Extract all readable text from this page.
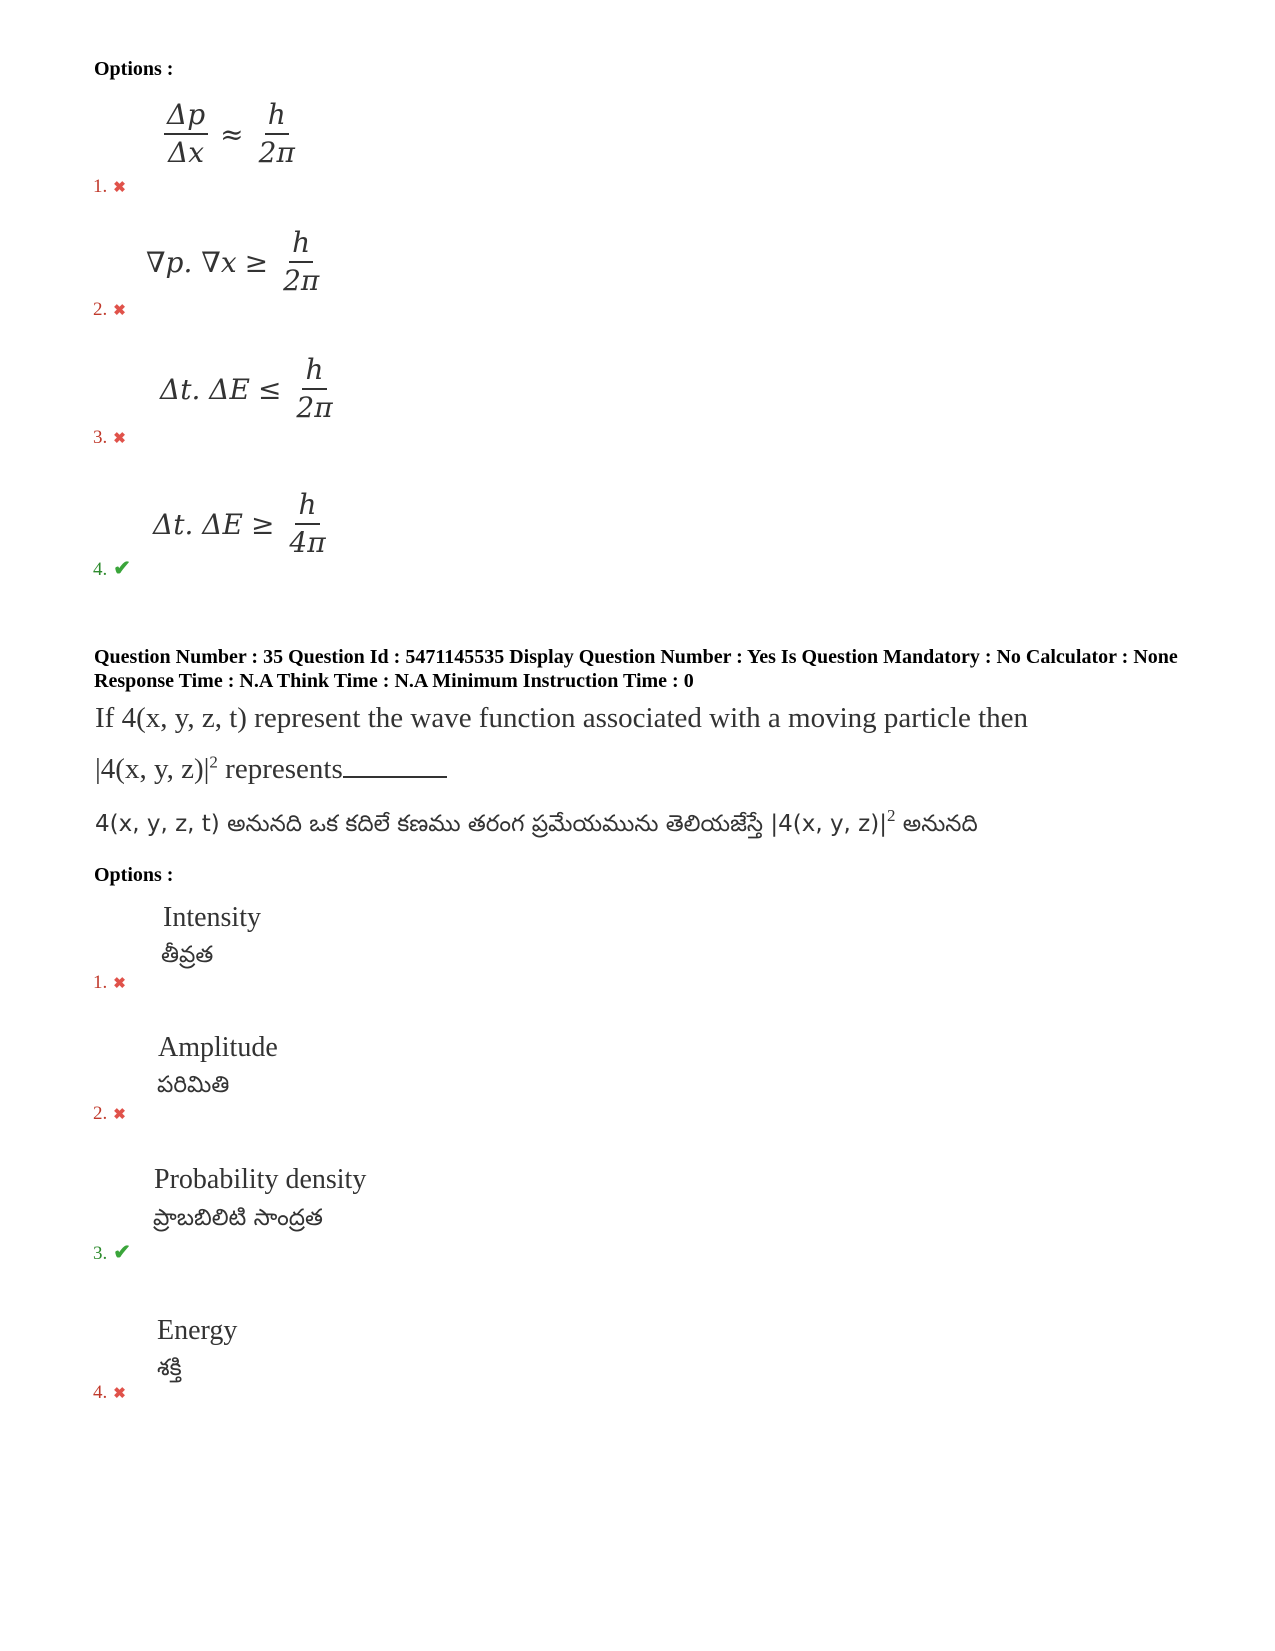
Options :
$\frac{\Delta p}{\Delta x} \approx \frac{h}{2\pi}$
1. ✖
∇p. $\nabla x \ge \frac{h}{2\pi}$
2. ✖
Δt. $\Delta E \le \frac{h}{2\pi}$
3. ✖
Δt. $\Delta E \ge \frac{h}{4\pi}$
4. ✔
Question Number : 35 Question Id : 5471145535 Display Question Number : Yes Is Question Mandatory : No Calculator : None Response Time : N.A Think Time : N.A Minimum Instruction Time : 0
If 4(x, y, z, t) represent the wave function associated with a moving particle then
|4(x, y, $z)|^2$ represents
4(x, y, z, t) అనునది ఒక కదిలే కణము తరంగ ప్రమేయమును తెలియజేస్తే |4(x, y, $z)|^2$ అనునది
Options :
Intensity
తీవ్రత
1. ✖
Amplitude
పరిమితి
2. ✖
Probability density
ప్రాబబిలిటి సాంద్రత
3. ✔
Energy
శక్తి
4. ✖
